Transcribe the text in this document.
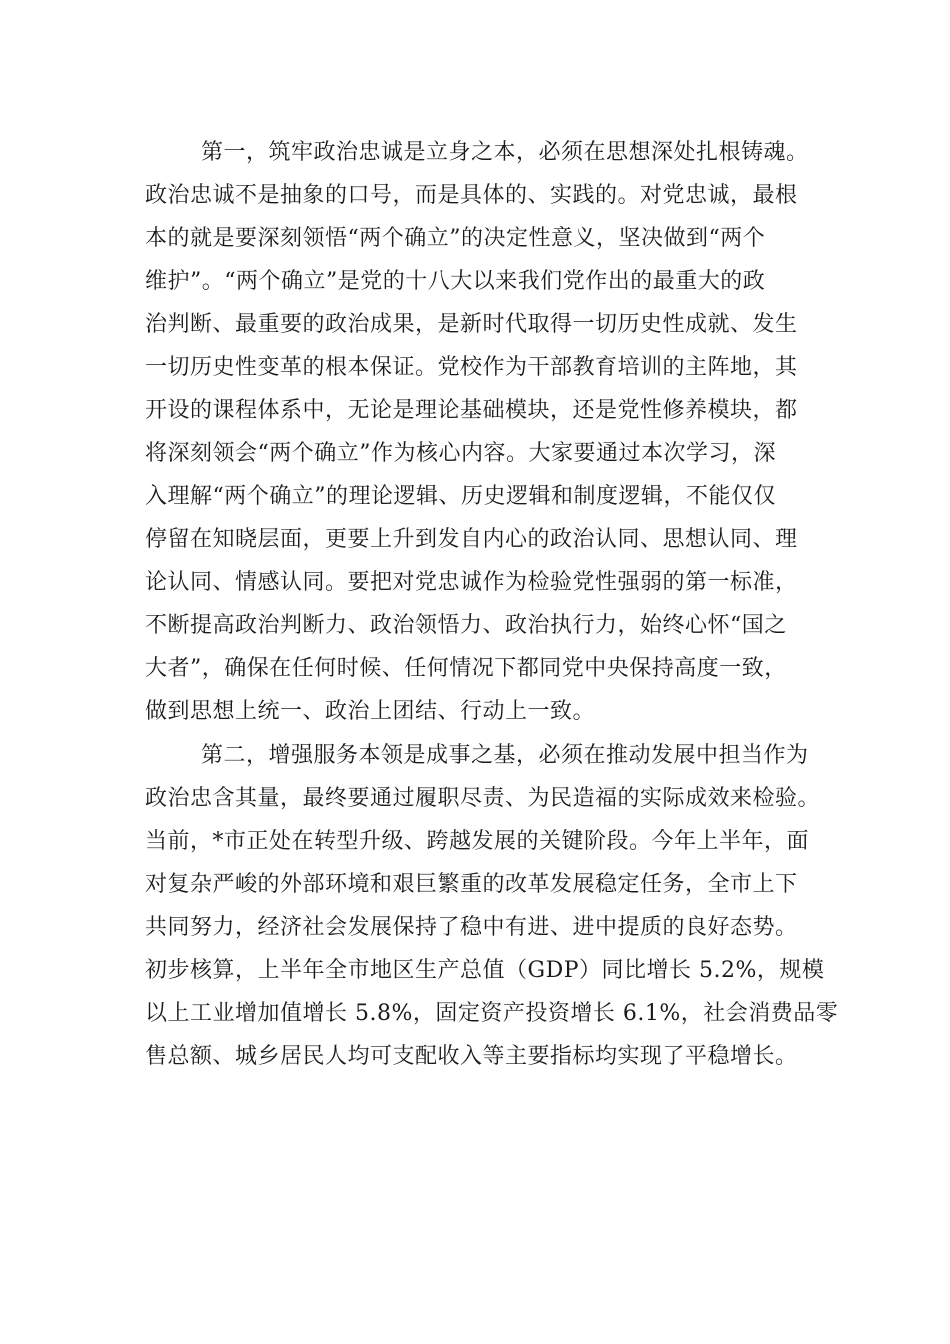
第一，筑牢政治忠诚是立身之本，必须在思想深处扎根铸魂。
政治忠诚不是抽象的口号，而是具体的、实践的。对党忠诚，最根
本的就是要深刻领悟“两个确立”的决定性意义，坚决做到“两个
维护”。“两个确立”是党的十八大以来我们党作出的最重大的政
治判断、最重要的政治成果，是新时代取得一切历史性成就、发生
一切历史性变革的根本保证。党校作为干部教育培训的主阵地，其
开设的课程体系中，无论是理论基础模块，还是党性修养模块，都
将深刻领会“两个确立”作为核心内容。大家要通过本次学习，深
入理解“两个确立”的理论逻辑、历史逻辑和制度逻辑，不能仅仅
停留在知晓层面，更要上升到发自内心的政治认同、思想认同、理
论认同、情感认同。要把对党忠诚作为检验党性强弱的第一标准，
不断提高政治判断力、政治领悟力、政治执行力，始终心怀“国之
大者”，确保在任何时候、任何情况下都同党中央保持高度一致，
做到思想上统一、政治上团结、行动上一致。
第二，增强服务本领是成事之基，必须在推动发展中担当作为
政治忠含其量，最终要通过履职尽责、为民造福的实际成效来检验。
当前，*市正处在转型升级、跨越发展的关键阶段。今年上半年，面
对复杂严峻的外部环境和艰巨繁重的改革发展稳定任务，全市上下
共同努力，经济社会发展保持了稳中有进、进中提质的良好态势。
初步核算，上半年全市地区生产总值（GDP）同比增长 5.2%，规模
以上工业增加值增长 5.8%，固定资产投资增长 6.1%，社会消费品零
售总额、城乡居民人均可支配收入等主要指标均实现了平稳增长。
